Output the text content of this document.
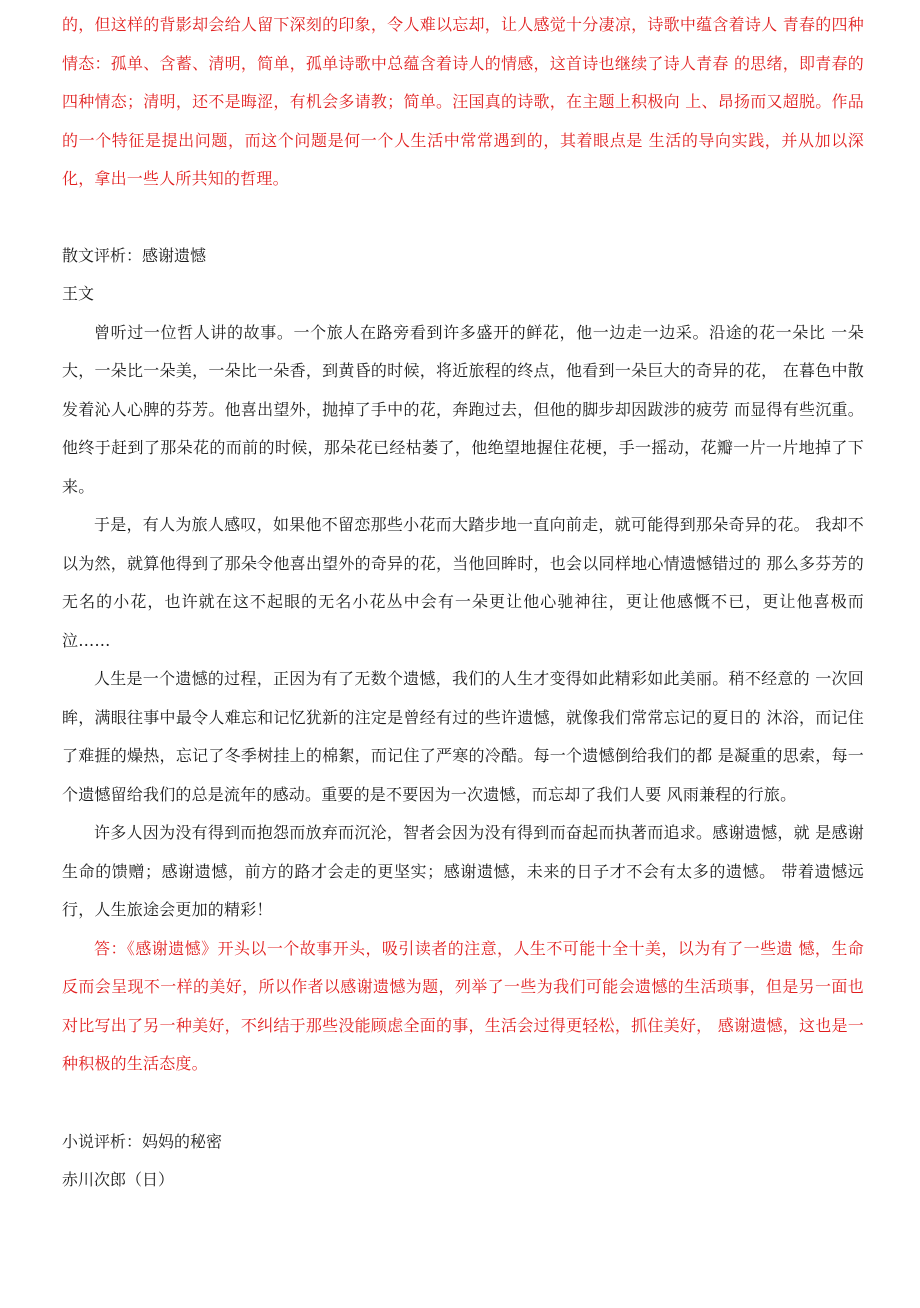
的，但这样的背影却会给人留下深刻的印象，令人难以忘却，让人感觉十分凄凉，诗歌中蕴含着诗人 青春的四种情态：孤单、含蓄、清明，简单，孤单诗歌中总蕴含着诗人的情感，这首诗也继续了诗人青春 的思绪，即青春的四种情态；清明，还不是晦涩，有机会多请教；简单。汪国真的诗歌，在主题上积极向 上、昂扬而又超脱。作品的一个特征是提出问题，而这个问题是何一个人生活中常常遇到的，其着眼点是 生活的导向实践，并从加以深化，拿出一些人所共知的哲理。

散文评析：感谢遗憾

王文

曾听过一位哲人讲的故事。一个旅人在路旁看到许多盛开的鲜花，他一边走一边采。沿途的花一朵比 一朵大，一朵比一朵美，一朵比一朵香，到黄昏的时候，将近旅程的终点，他看到一朵巨大的奇异的花， 在暮色中散发着沁人心脾的芬芳。他喜出望外，抛掉了手中的花，奔跑过去，但他的脚步却因跋涉的疲劳 而显得有些沉重。他终于赶到了那朵花的而前的时候，那朵花已经枯萎了，他绝望地握住花梗，手一摇动，花瓣一片一片地掉了下来。

于是，有人为旅人感叹，如果他不留恋那些小花而大踏步地一直向前走，就可能得到那朵奇异的花。 我却不以为然，就算他得到了那朵令他喜出望外的奇异的花，当他回眸时，也会以同样地心情遗憾错过的 那么多芬芳的无名的小花，也许就在这不起眼的无名小花丛中会有一朵更让他心驰神往，更让他感慨不已，更让他喜极而泣……

人生是一个遗憾的过程，正因为有了无数个遗憾，我们的人生才变得如此精彩如此美丽。稍不经意的 一次回眸，满眼往事中最令人难忘和记忆犹新的注定是曾经有过的些许遗憾，就像我们常常忘记的夏日的 沐浴，而记住了难捱的燥热，忘记了冬季树挂上的棉絮，而记住了严寒的冷酷。每一个遗憾倒给我们的都 是凝重的思索，每一个遗憾留给我们的总是流年的感动。重要的是不要因为一次遗憾，而忘却了我们人要 风雨兼程的行旅。

许多人因为没有得到而抱怨而放弃而沉沦，智者会因为没有得到而奋起而执著而追求。感谢遗憾，就 是感谢生命的馈赠；感谢遗憾，前方的路才会走的更坚实；感谢遗憾，未来的日子才不会有太多的遗憾。 带着遗憾远行，人生旅途会更加的精彩！

答：《感谢遗憾》开头以一个故事开头，吸引读者的注意，人生不可能十全十美，以为有了一些遗 憾，生命反而会呈现不一样的美好，所以作者以感谢遗憾为题，列举了一些为我们可能会遗憾的生活琐事，但是另一面也对比写出了另一种美好，不纠结于那些没能顾虑全面的事，生活会过得更轻松，抓住美好， 感谢遗憾，这也是一种积极的生活态度。

小说评析：妈妈的秘密

赤川次郎（日）
